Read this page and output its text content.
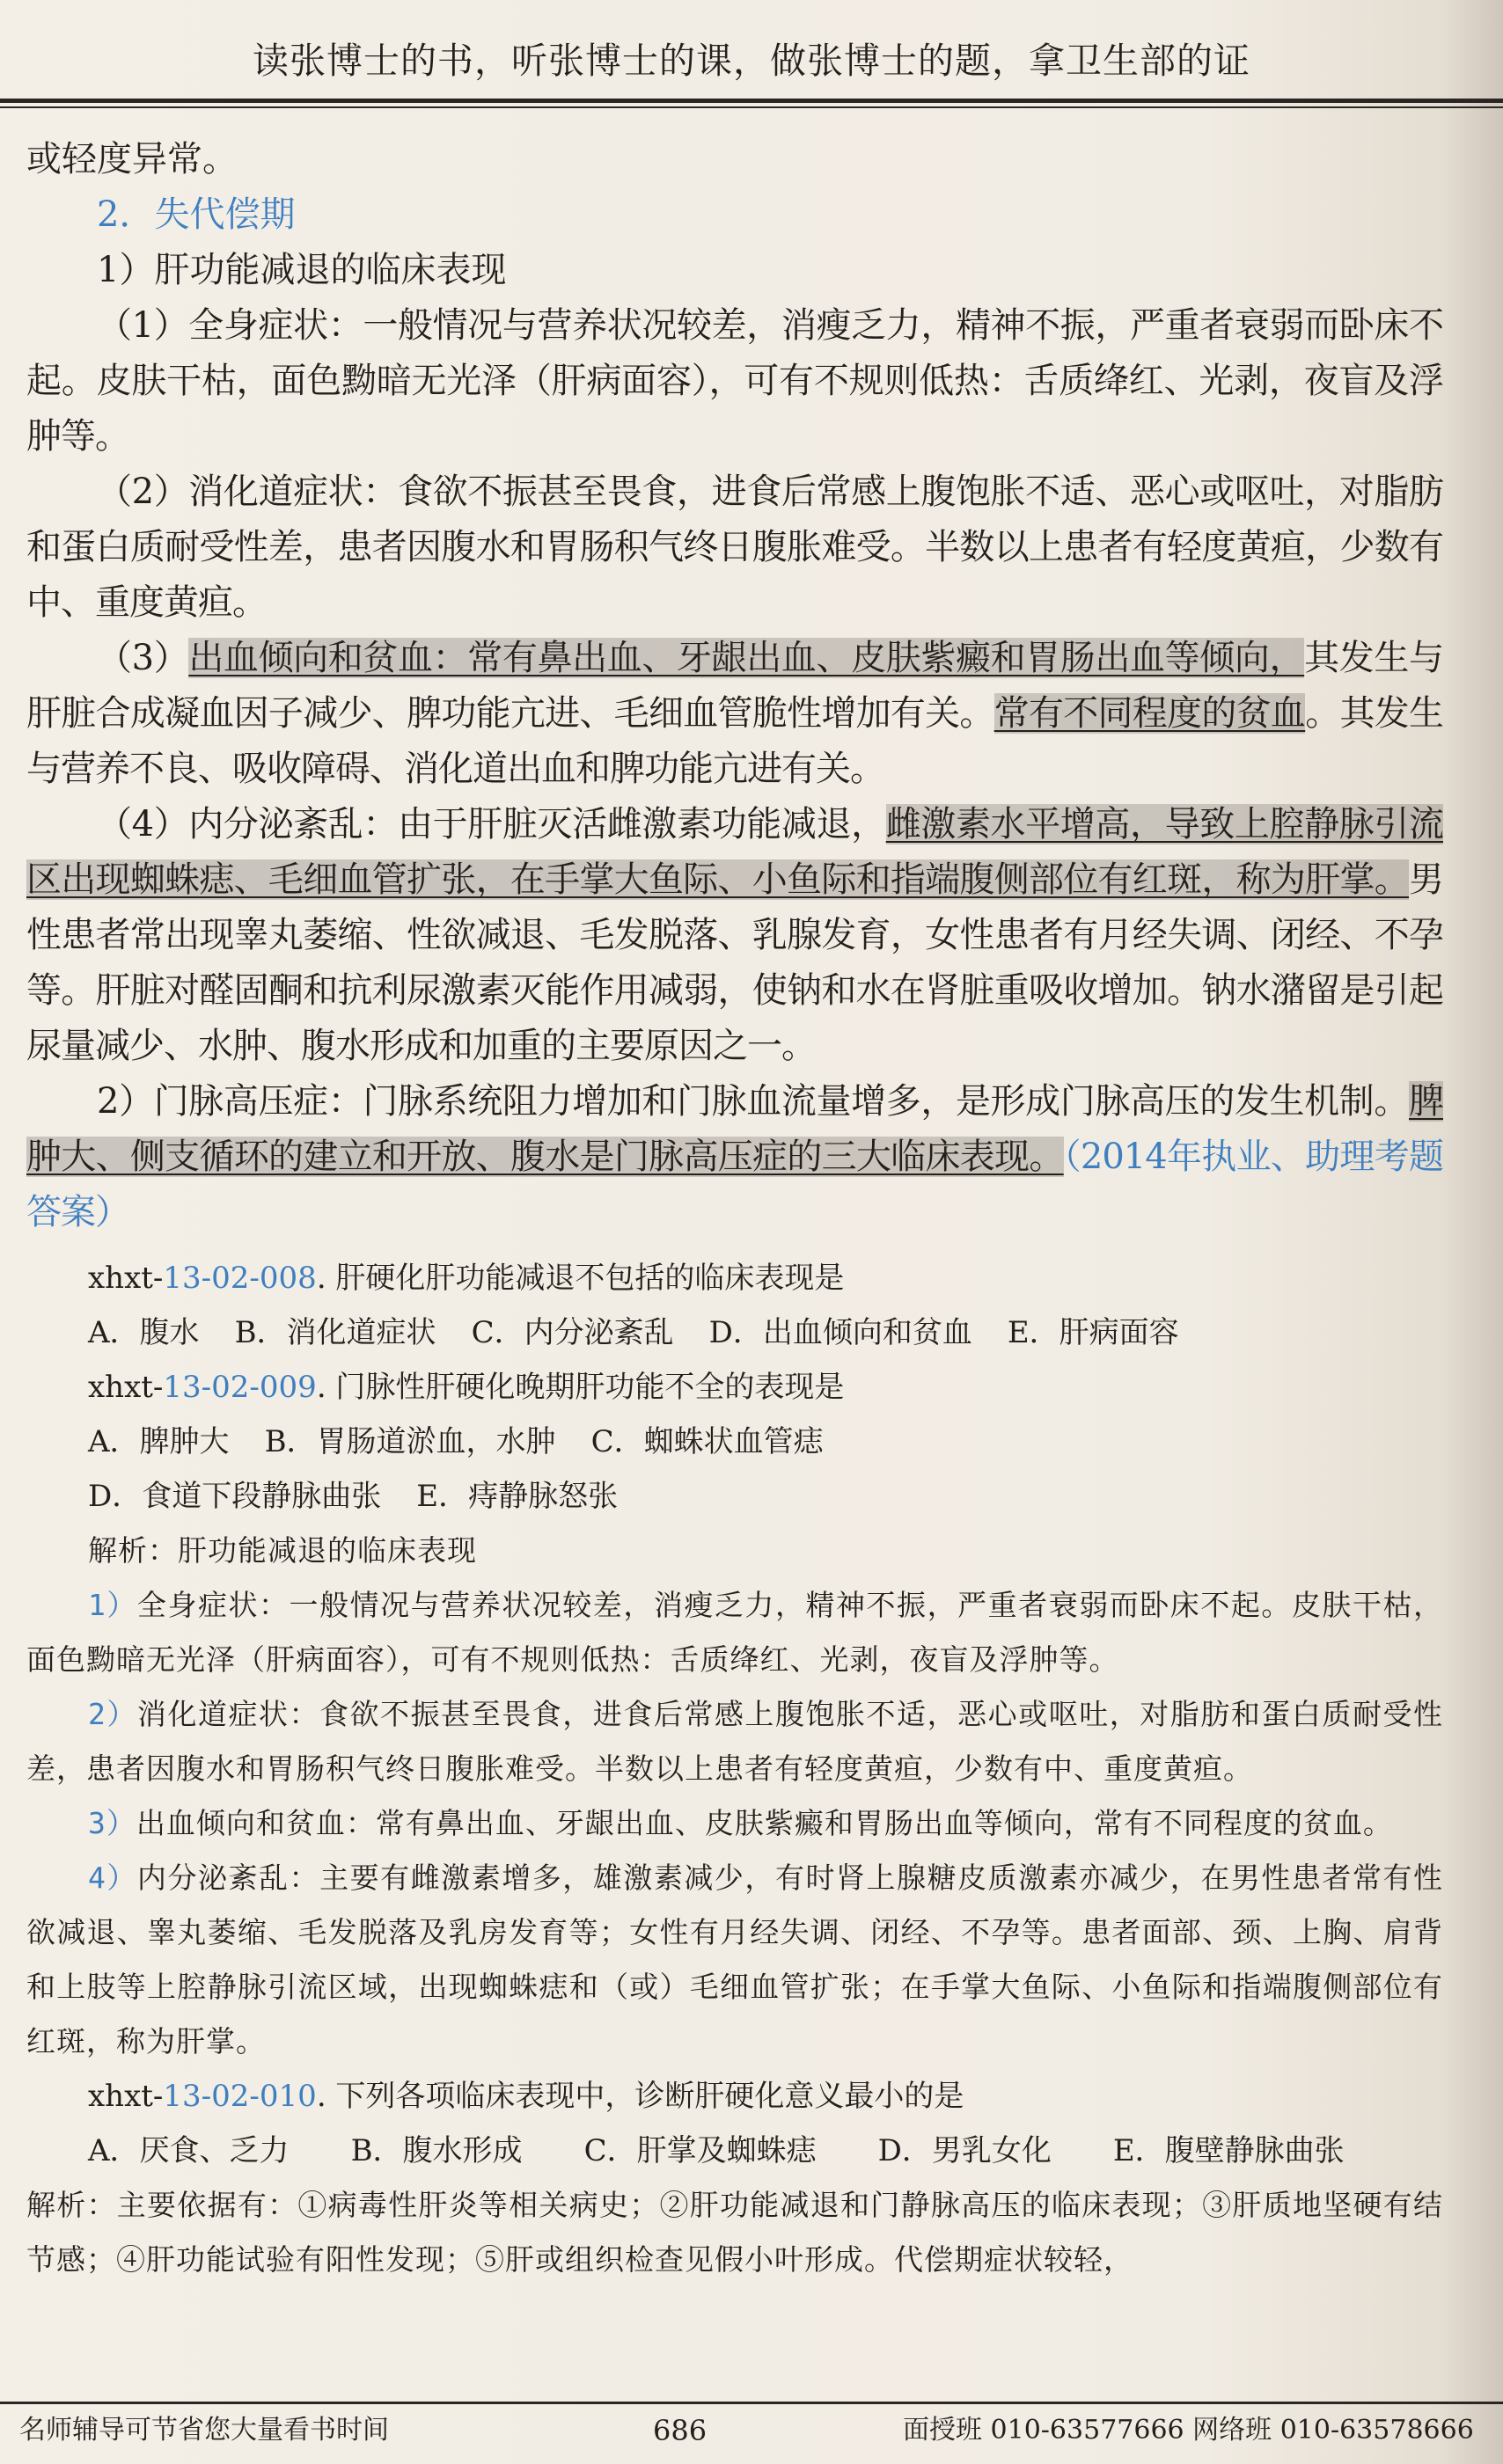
读张博士的书，听张博士的课，做张博士的题，拿卫生部的证

或轻度异常。

2．失代偿期

1）肝功能减退的临床表现

（1）全身症状：一般情况与营养状况较差，消瘦乏力，精神不振，严重者衰弱而卧床不起。皮肤干枯，面色黝暗无光泽（肝病面容），可有不规则低热：舌质绛红、光剥，夜盲及浮肿等。

（2）消化道症状：食欲不振甚至畏食，进食后常感上腹饱胀不适、恶心或呕吐，对脂肪和蛋白质耐受性差，患者因腹水和胃肠积气终日腹胀难受。半数以上患者有轻度黄疸，少数有中、重度黄疸。

（3）出血倾向和贫血：常有鼻出血、牙龈出血、皮肤紫癜和胃肠出血等倾向，其发生与肝脏合成凝血因子减少、脾功能亢进、毛细血管脆性增加有关。常有不同程度的贫血。其发生与营养不良、吸收障碍、消化道出血和脾功能亢进有关。

（4）内分泌紊乱：由于肝脏灭活雌激素功能减退，雌激素水平增高，导致上腔静脉引流区出现蜘蛛痣、毛细血管扩张，在手掌大鱼际、小鱼际和指端腹侧部位有红斑，称为肝掌。男性患者常出现睾丸萎缩、性欲减退、毛发脱落、乳腺发育，女性患者有月经失调、闭经、不孕等。肝脏对醛固酮和抗利尿激素灭能作用减弱，使钠和水在肾脏重吸收增加。钠水潴留是引起尿量减少、水肿、腹水形成和加重的主要原因之一。

2）门脉高压症：门脉系统阻力增加和门脉血流量增多，是形成门脉高压的发生机制。脾肿大、侧支循环的建立和开放、腹水是门脉高压症的三大临床表现。（2014年执业、助理考题答案）

xhxt-13-02-008. 肝硬化肝功能减退不包括的临床表现是

A．腹水 B．消化道症状 C．内分泌紊乱 D．出血倾向和贫血 E．肝病面容

xhxt-13-02-009. 门脉性肝硬化晚期肝功能不全的表现是

A．脾肿大 B．胃肠道淤血，水肿 C．蜘蛛状血管痣
D．食道下段静脉曲张 E．痔静脉怒张

解析：肝功能减退的临床表现

1）全身症状：一般情况与营养状况较差，消瘦乏力，精神不振，严重者衰弱而卧床不起。皮肤干枯，面色黝暗无光泽（肝病面容），可有不规则低热：舌质绛红、光剥，夜盲及浮肿等。

2）消化道症状：食欲不振甚至畏食，进食后常感上腹饱胀不适，恶心或呕吐，对脂肪和蛋白质耐受性差，患者因腹水和胃肠积气终日腹胀难受。半数以上患者有轻度黄疸，少数有中、重度黄疸。

3）出血倾向和贫血：常有鼻出血、牙龈出血、皮肤紫癜和胃肠出血等倾向，常有不同程度的贫血。

4）内分泌紊乱：主要有雌激素增多，雄激素减少，有时肾上腺糖皮质激素亦减少，在男性患者常有性欲减退、睾丸萎缩、毛发脱落及乳房发育等；女性有月经失调、闭经、不孕等。患者面部、颈、上胸、肩背和上肢等上腔静脉引流区域，出现蜘蛛痣和（或）毛细血管扩张；在手掌大鱼际、小鱼际和指端腹侧部位有红斑，称为肝掌。

xhxt-13-02-010. 下列各项临床表现中，诊断肝硬化意义最小的是

A．厌食、乏力 B．腹水形成 C．肝掌及蜘蛛痣 D．男乳女化 E．腹壁静脉曲张

解析：主要依据有：①病毒性肝炎等相关病史；②肝功能减退和门静脉高压的临床表现；③肝质地坚硬有结节感；④肝功能试验有阳性发现；⑤肝或组织检查见假小叶形成。代偿期症状较轻，

名师辅导可节省您大量看书时间	686	面授班 010-63577666 网络班 010-63578666
